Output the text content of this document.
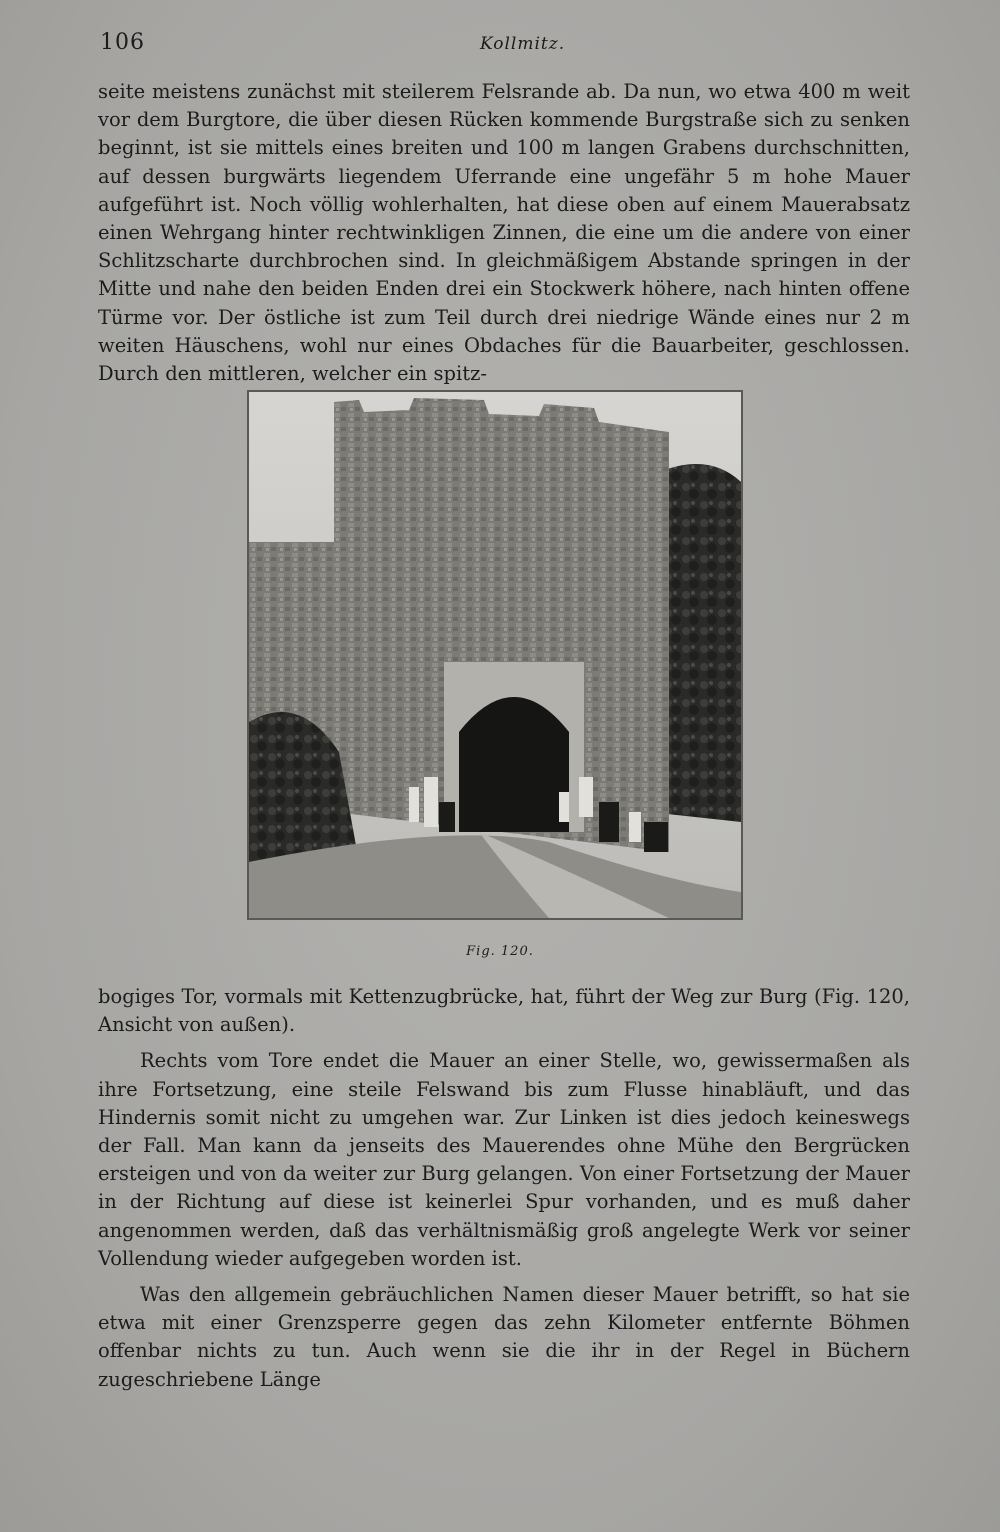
106	Kollmitz.

seite meistens zunächst mit steilerem Felsrande ab. Da nun, wo etwa 400 m weit vor dem Burgtore, die über diesen Rücken kommende Burgstraße sich zu senken beginnt, ist sie mittels eines breiten und 100 m langen Grabens durchschnitten, auf dessen burgwärts liegendem Uferrande eine ungefähr 5 m hohe Mauer aufgeführt ist. Noch völlig wohlerhalten, hat diese oben auf einem Mauerabsatz einen Wehrgang hinter rechtwinkligen Zinnen, die eine um die andere von einer Schlitzscharte durchbrochen sind. In gleichmäßigem Abstande springen in der Mitte und nahe den beiden Enden drei ein Stockwerk höhere, nach hinten offene Türme vor. Der östliche ist zum Teil durch drei niedrige Wände eines nur 2 m weiten Häuschens, wohl nur eines Obdaches für die Bauarbeiter, geschlossen. Durch den mittleren, welcher ein spitz-

Fig. 120.

bogiges Tor, vormals mit Kettenzugbrücke, hat, führt der Weg zur Burg (Fig. 120, Ansicht von außen).

Rechts vom Tore endet die Mauer an einer Stelle, wo, gewissermaßen als ihre Fortsetzung, eine steile Felswand bis zum Flusse hinabläuft, und das Hindernis somit nicht zu umgehen war. Zur Linken ist dies jedoch keineswegs der Fall. Man kann da jenseits des Mauerendes ohne Mühe den Bergrücken ersteigen und von da weiter zur Burg gelangen. Von einer Fortsetzung der Mauer in der Richtung auf diese ist keinerlei Spur vorhanden, und es muß daher angenommen werden, daß das verhältnismäßig groß angelegte Werk vor seiner Vollendung wieder aufgegeben worden ist.

Was den allgemein gebräuchlichen Namen dieser Mauer betrifft, so hat sie etwa mit einer Grenzsperre gegen das zehn Kilometer entfernte Böhmen offenbar nichts zu tun. Auch wenn sie die ihr in der Regel in Büchern zugeschriebene Länge
